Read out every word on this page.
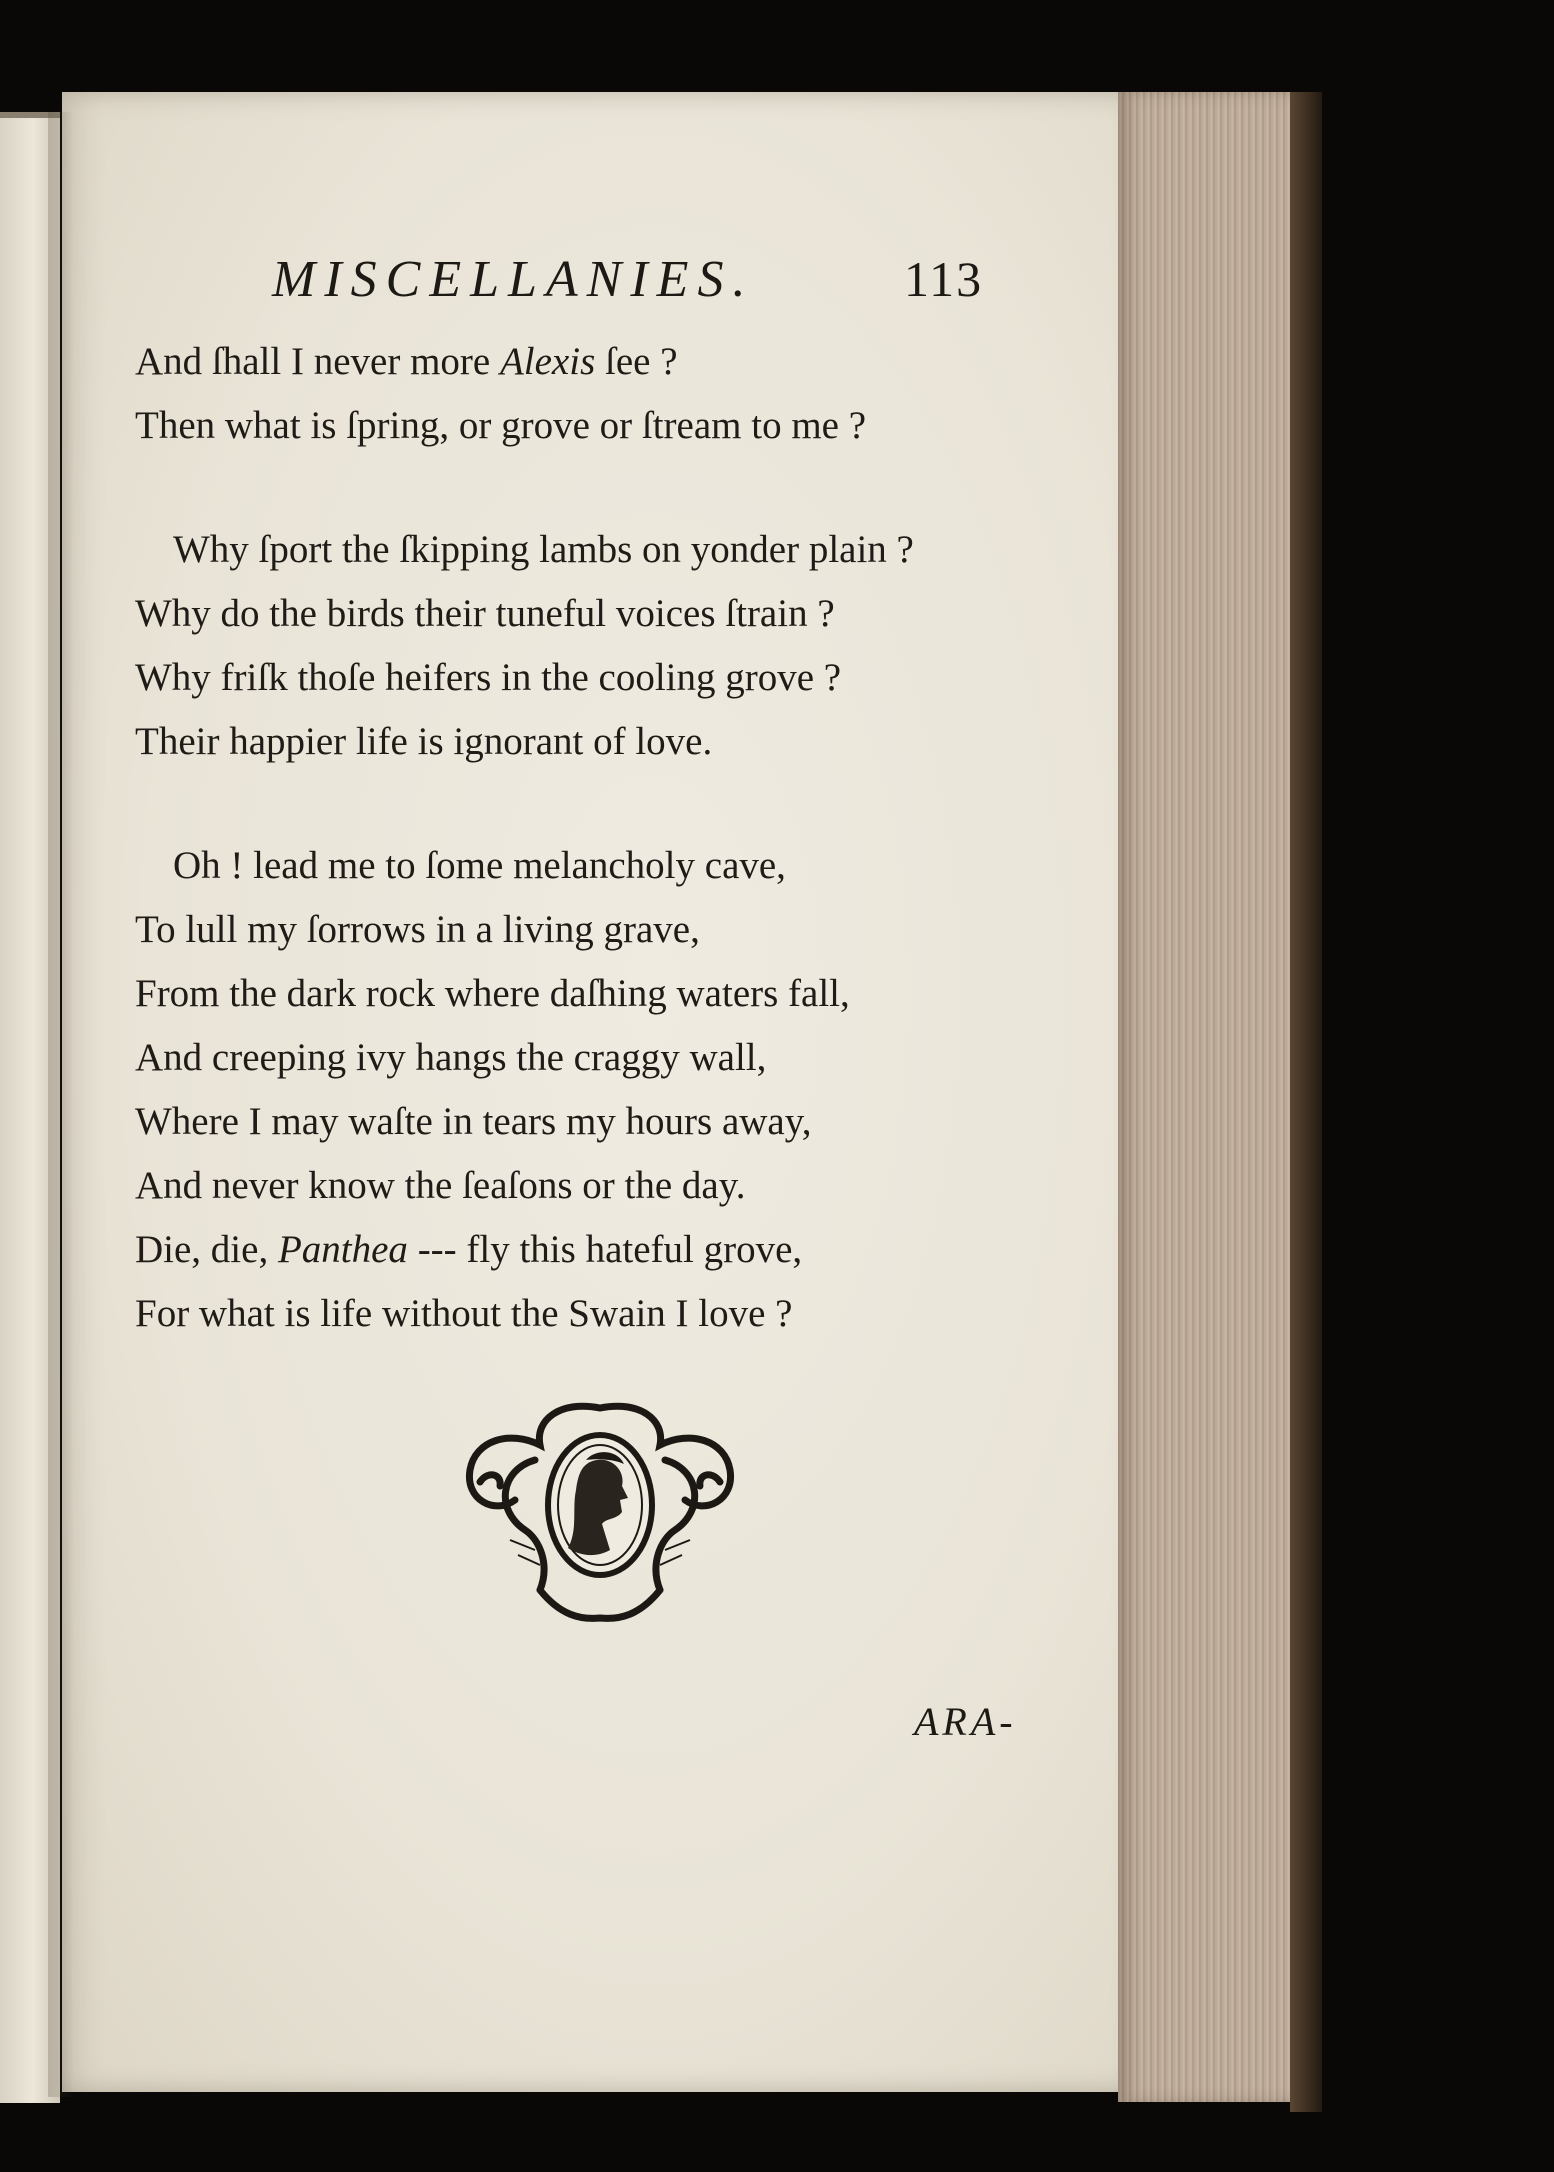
MISCELLANIES.	113
And ſhall I never more Alexis ſee ?
Then what is ſpring, or grove or ſtream to me ?
Why ſport the ſkipping lambs on yonder plain ?
Why do the birds their tuneful voices ſtrain ?
Why friſk thoſe heifers in the cooling grove ?
Their happier life is ignorant of love.
Oh ! lead me to ſome melancholy cave,
To lull my ſorrows in a living grave,
From the dark rock where daſhing waters fall,
And creeping ivy hangs the craggy wall,
Where I may waſte in tears my hours away,
And never know the ſeaſons or the day.
Die, die, Panthea --- fly this hateful grove,
For what is life without the Swain I love ?
ARA-
